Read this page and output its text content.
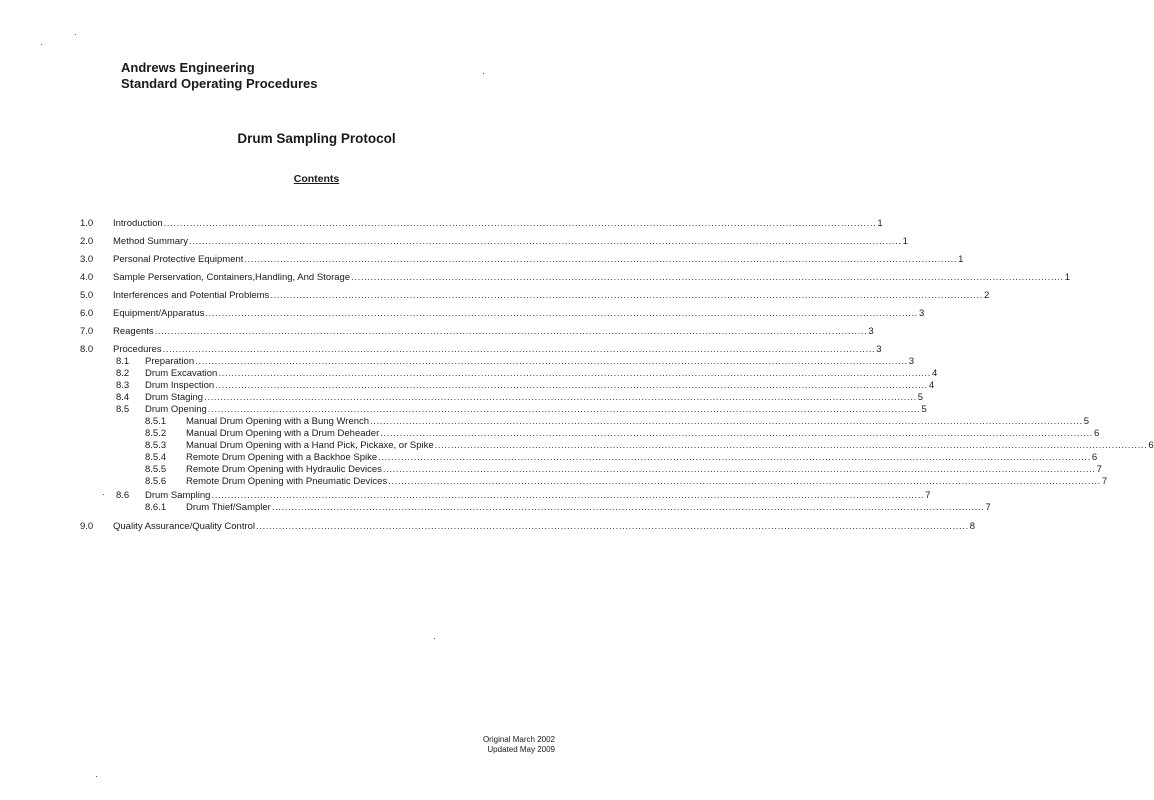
Andrews Engineering
Standard Operating Procedures
Drum Sampling Protocol
Contents
1.0 Introduction ............................................................................................................................................................................................................................ 1
2.0 Method Summary ............................................................................................................................................................................................................................ 1
3.0 Personal Protective Equipment ............................................................................................................................................................................................................................ 1
4.0 Sample Perservation, Containers,Handling, And Storage ............................................................................................................................................................................................................................ 1
5.0 Interferences and Potential Problems ............................................................................................................................................................................................................................ 2
6.0 Equipment/Apparatus ............................................................................................................................................................................................................................ 3
7.0 Reagents ............................................................................................................................................................................................................................ 3
8.0 Procedures ............................................................................................................................................................................................................................ 3
8.1 Preparation ............................................................................................................................................................................................................................ 3
8.2 Drum Excavation ............................................................................................................................................................................................................................ 4
8.3 Drum Inspection ............................................................................................................................................................................................................................ 4
8.4 Drum Staging ............................................................................................................................................................................................................................ 5
8.5 Drum Opening ............................................................................................................................................................................................................................ 5
8.5.1 Manual Drum Opening with a Bung Wrench ............................................................................................................................................................................................................................ 5
8.5.2 Manual Drum Opening with a Drum Deheader ............................................................................................................................................................................................................................ 6
8.5.3 Manual Drum Opening with a Hand Pick, Pickaxe, or Spike ............................................................................................................................................................................................................................ 6
8.5.4 Remote Drum Opening with a Backhoe Spike ............................................................................................................................................................................................................................ 6
8.5.5 Remote Drum Opening with Hydraulic Devices ............................................................................................................................................................................................................................ 7
8.5.6 Remote Drum Opening with Pneumatic Devices ............................................................................................................................................................................................................................ 7
8.6 Drum Sampling ............................................................................................................................................................................................................................ 7
8.6.1 Drum Thief/Sampler ............................................................................................................................................................................................................................ 7
9.0 Quality Assurance/Quality Control ............................................................................................................................................................................................................................ 8
Original March 2002
Updated May 2009
